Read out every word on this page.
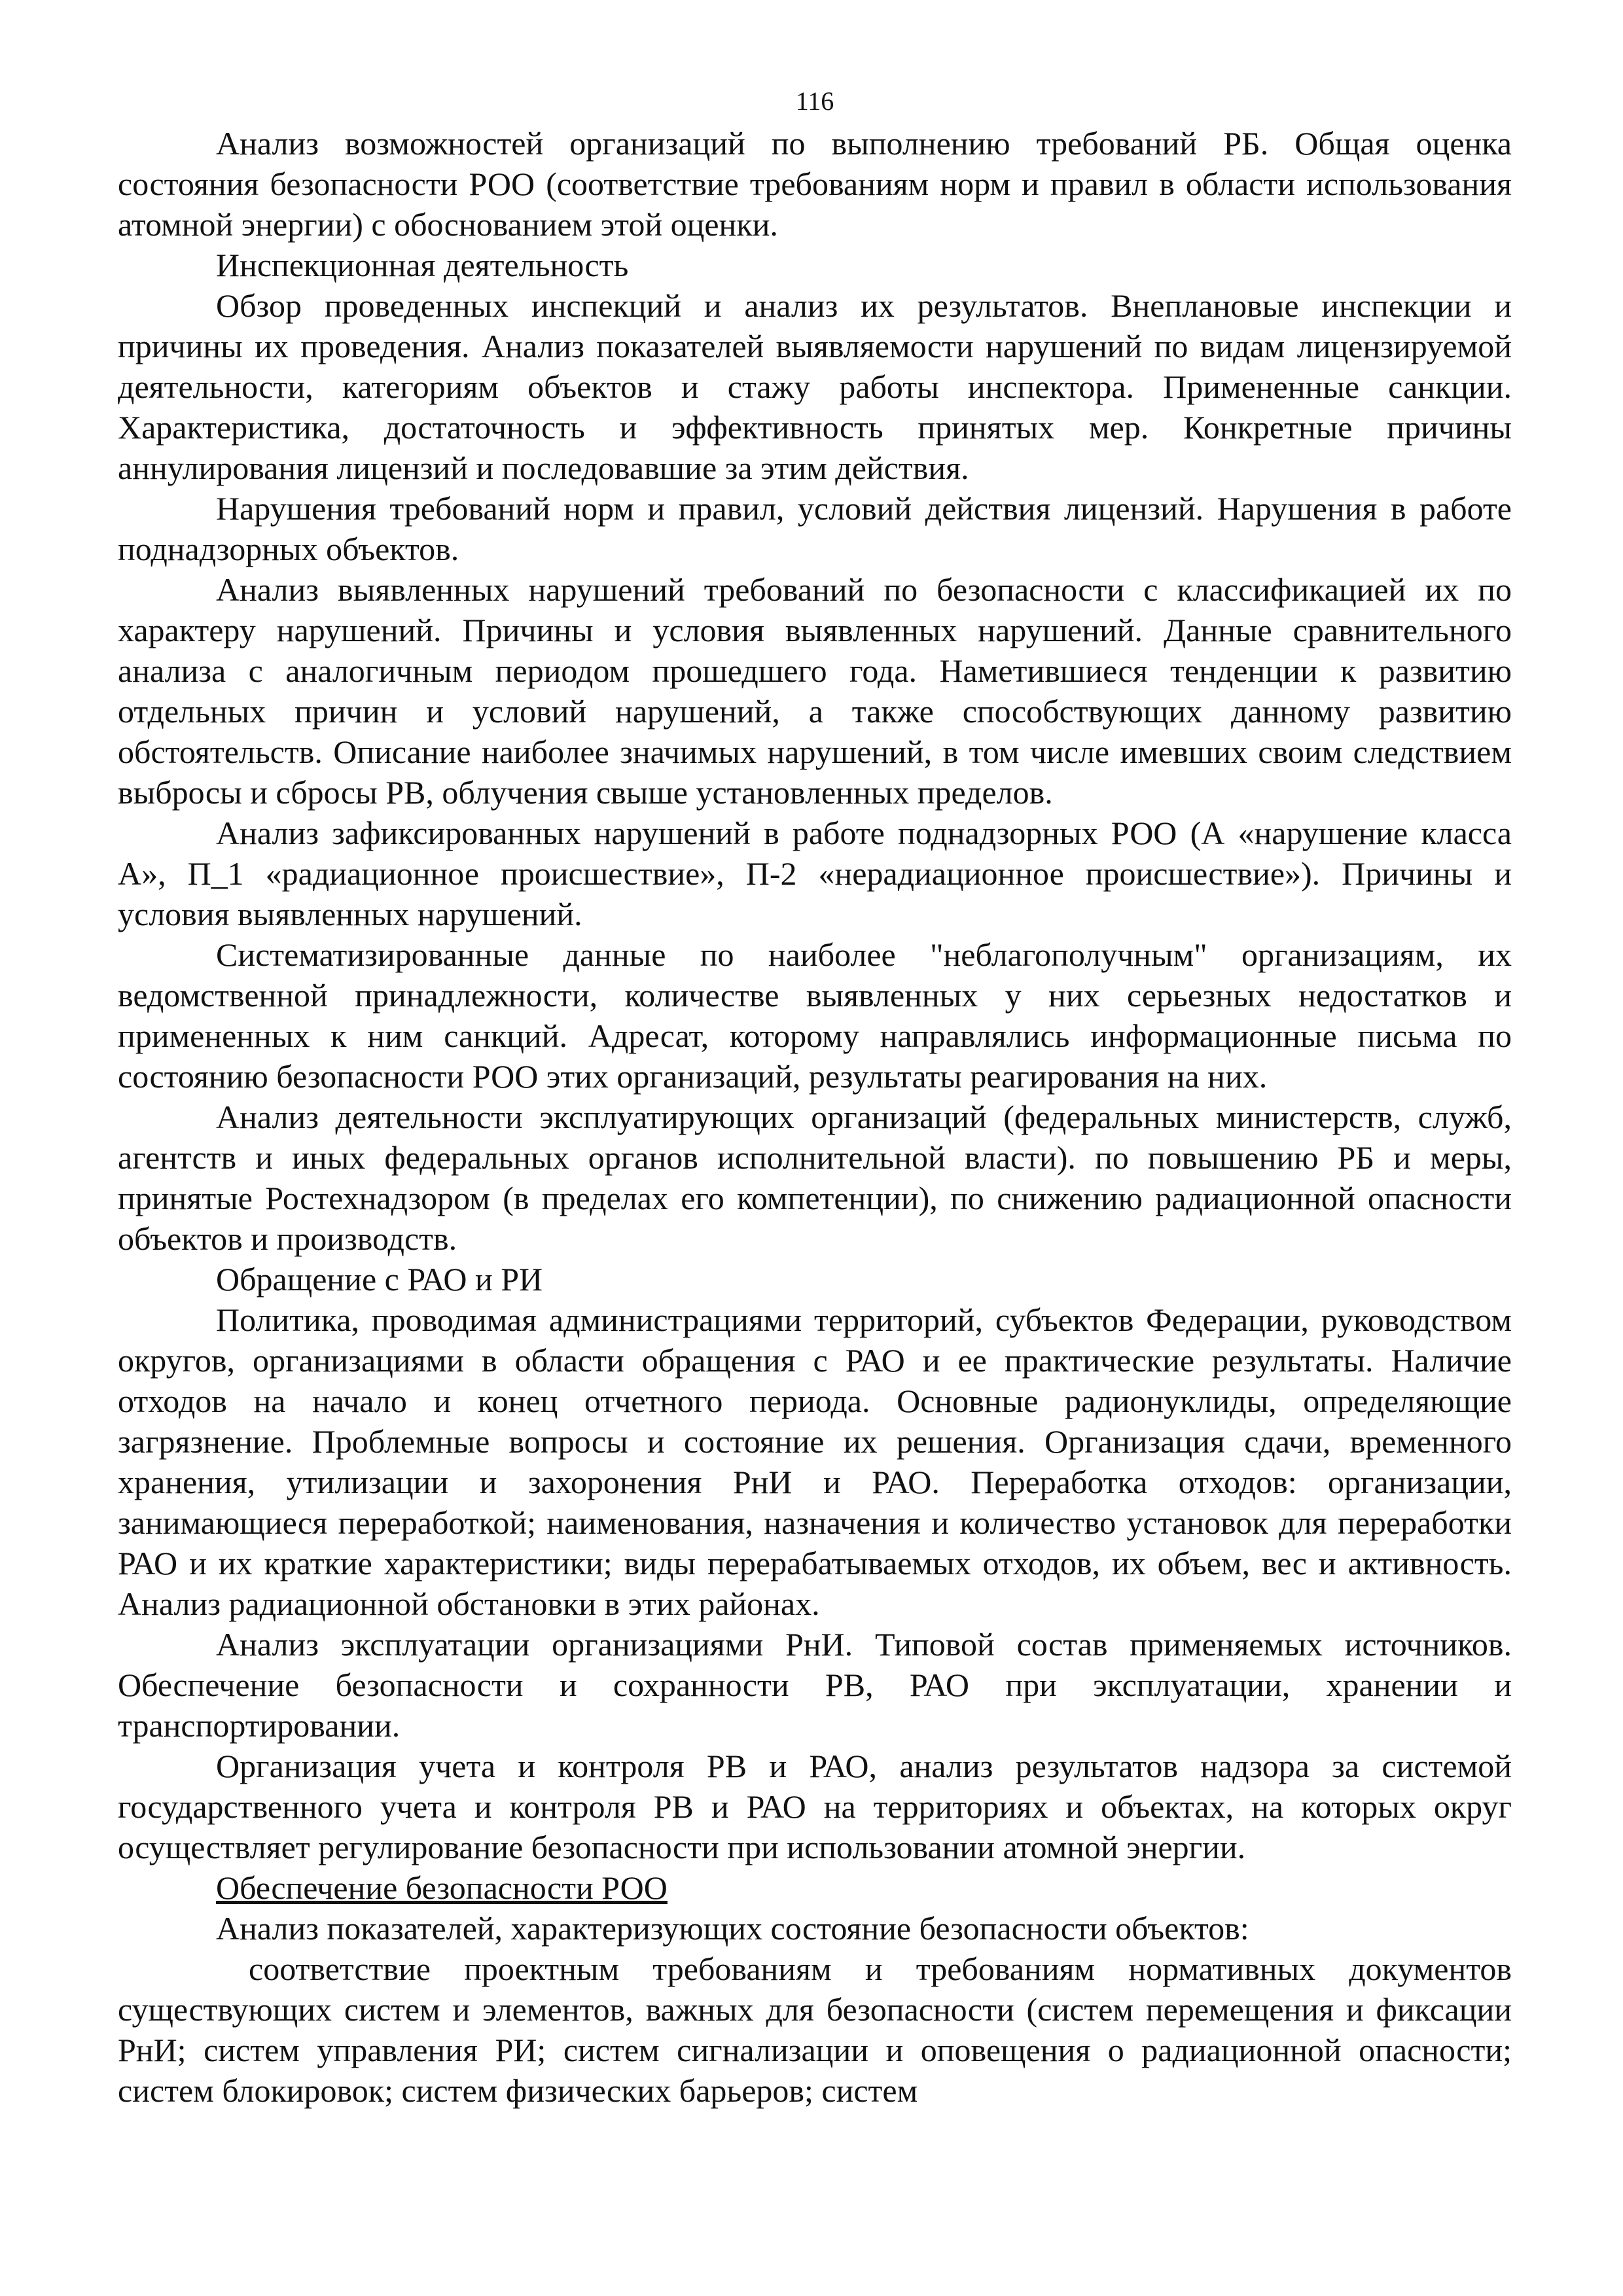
116

Анализ возможностей организаций по выполнению требований РБ. Общая оценка состояния безопасности РОО (соответствие требованиям норм и правил в области использования атомной энергии) с обоснованием этой оценки.

Инспекционная деятельность

Обзор проведенных инспекций и анализ их результатов. Внеплановые инспекции и причины их проведения. Анализ показателей выявляемости нарушений по видам лицензируемой деятельности, категориям объектов и стажу работы инспектора. Примененные санкции. Характеристика, достаточность и эффективность принятых мер. Конкретные причины аннулирования лицензий и последовавшие за этим действия.

Нарушения требований норм и правил, условий действия лицензий. Нарушения в работе поднадзорных объектов.

Анализ выявленных нарушений требований по безопасности с классификацией их по характеру нарушений. Причины и условия выявленных нарушений. Данные сравнительного анализа с аналогичным периодом прошедшего года. Наметившиеся тенденции к развитию отдельных причин и условий нарушений, а также способствующих данному развитию обстоятельств. Описание наиболее значимых нарушений, в том числе имевших своим следствием выбросы и сбросы РВ, облучения свыше установленных пределов.

Анализ зафиксированных нарушений в работе поднадзорных РОО (А «нарушение класса А», П_1 «радиационное происшествие», П-2 «нерадиационное происшествие»). Причины и условия выявленных нарушений.

Систематизированные данные по наиболее "неблагополучным" организациям, их ведомственной принадлежности, количестве выявленных у них серьезных недостатков и примененных к ним санкций. Адресат, которому направлялись информационные письма по состоянию безопасности РОО этих организаций, результаты реагирования на них.

Анализ деятельности эксплуатирующих организаций (федеральных министерств, служб, агентств и иных федеральных органов исполнительной власти). по повышению РБ и меры, принятые Ростехнадзором (в пределах его компетенции), по снижению радиационной опасности объектов и производств.

Обращение с РАО и РИ

Политика, проводимая администрациями территорий, субъектов Федерации, руководством округов, организациями в области обращения с РАО и ее практические результаты. Наличие отходов на начало и конец отчетного периода. Основные радионуклиды, определяющие загрязнение. Проблемные вопросы и состояние их решения. Организация сдачи, временного хранения, утилизации и захоронения РнИ и РАО. Переработка отходов: организации, занимающиеся переработкой; наименования, назначения и количество установок для переработки РАО и их краткие характеристики; виды перерабатываемых отходов, их объем, вес и активность. Анализ радиационной обстановки в этих районах.

Анализ эксплуатации организациями РнИ. Типовой состав применяемых источников. Обеспечение безопасности и сохранности РВ, РАО при эксплуатации, хранении и транспортировании.

Организация учета и контроля РВ и РАО, анализ результатов надзора за системой государственного учета и контроля РВ и РАО на территориях и объектах, на которых округ осуществляет регулирование безопасности при использовании атомной энергии.

Обеспечение безопасности РОО

Анализ показателей, характеризующих состояние безопасности объектов:

соответствие проектным требованиям и требованиям нормативных документов существующих систем и элементов, важных для безопасности (систем перемещения и фиксации РнИ; систем управления РИ; систем сигнализации и оповещения о радиационной опасности; систем блокировок; систем физических барьеров; систем
